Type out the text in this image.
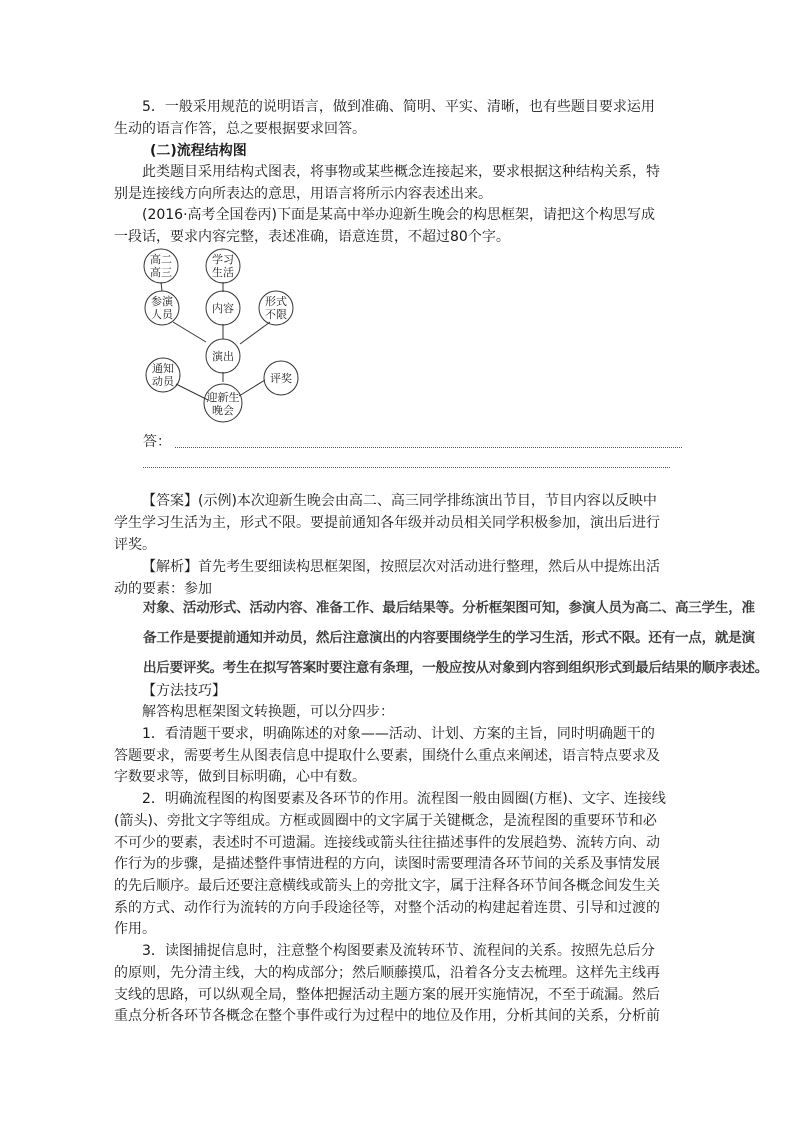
5．一般采用规范的说明语言，做到准确、简明、平实、清晰，也有些题目要求运用
生动的语言作答，总之要根据要求回答。
(二)流程结构图
此类题目采用结构式图表，将事物或某些概念连接起来，要求根据这种结构关系，特
别是连接线方向所表达的意思，用语言将所示内容表述出来。
(2016·高考全国卷丙)下面是某高中举办迎新生晚会的构思框架，请把这个构思写成
一段话，要求内容完整，表述准确，语意连贯，不超过80个字。
高二
高三
学习
生活
参演
人员	内容
形式
不限
演出
通知
动员	评奖
迎新生
晚会
答：
【答案】(示例)本次迎新生晚会由高二、高三同学排练演出节目，节目内容以反映中
学生学习生活为主，形式不限。要提前通知各年级并动员相关同学积极参加，演出后进行
评奖。
【解析】首先考生要细读构思框架图，按照层次对活动进行整理，然后从中提炼出活
动的要素：参加
对象、活动形式、活动内容、准备工作、最后结果等。分析框架图可知，参演人员为高二、高三学生，准
备工作是要提前通知并动员，然后注意演出的内容要围绕学生的学习生活，形式不限。还有一点，就是演
出后要评奖。考生在拟写答案时要注意有条理，一般应按从对象到内容到组织形式到最后结果的顺序表述。
【方法技巧】
解答构思框架图文转换题，可以分四步：
1．看清题干要求，明确陈述的对象——活动、计划、方案的主旨，同时明确题干的
答题要求，需要考生从图表信息中提取什么要素，围绕什么重点来阐述，语言特点要求及
字数要求等，做到目标明确，心中有数。
2．明确流程图的构图要素及各环节的作用。流程图一般由圆圈(方框)、文字、连接线
(箭头)、旁批文字等组成。方框或圆圈中的文字属于关键概念，是流程图的重要环节和必
不可少的要素，表述时不可遗漏。连接线或箭头往往描述事件的发展趋势、流转方向、动
作行为的步骤，是描述整件事情进程的方向，读图时需要理清各环节间的关系及事情发展
的先后顺序。最后还要注意横线或箭头上的旁批文字，属于注释各环节间各概念间发生关
系的方式、动作行为流转的方向手段途径等，对整个活动的构建起着连贯、引导和过渡的
作用。
3．读图捕捉信息时，注意整个构图要素及流转环节、流程间的关系。按照先总后分
的原则，先分清主线，大的构成部分；然后顺藤摸瓜，沿着各分支去梳理。这样先主线再
支线的思路，可以纵观全局，整体把握活动主题方案的展开实施情况，不至于疏漏。然后
重点分析各环节各概念在整个事件或行为过程中的地位及作用，分析其间的关系，分析前
